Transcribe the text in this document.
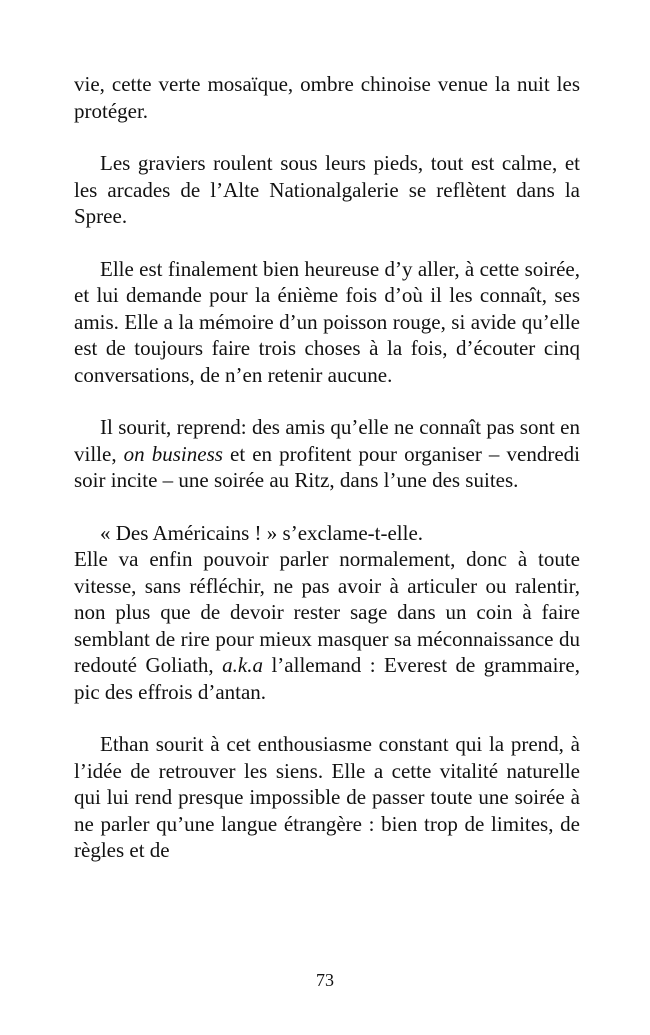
vie, cette verte mosaïque, ombre chinoise venue la nuit les protéger.

Les graviers roulent sous leurs pieds, tout est calme, et les arcades de l’Alte Nationalgalerie se reflètent dans la Spree.

Elle est finalement bien heureuse d’y aller, à cette soirée, et lui demande pour la énième fois d’où il les connaît, ses amis. Elle a la mémoire d’un poisson rouge, si avide qu’elle est de toujours faire trois choses à la fois, d’écouter cinq conversations, de n’en retenir aucune.

Il sourit, reprend: des amis qu’elle ne connaît pas sont en ville, on business et en profitent pour organiser – vendredi soir incite – une soirée au Ritz, dans l’une des suites.

« Des Américains ! » s’exclame-t-elle.

Elle va enfin pouvoir parler normalement, donc à toute vitesse, sans réfléchir, ne pas avoir à articuler ou ralentir, non plus que de devoir rester sage dans un coin à faire semblant de rire pour mieux masquer sa méconnaissance du redouté Goliath, a.k.a l’allemand : Everest de grammaire, pic des effrois d’antan.

Ethan sourit à cet enthousiasme constant qui la prend, à l’idée de retrouver les siens. Elle a cette vitalité naturelle qui lui rend presque impossible de passer toute une soirée à ne parler qu’une langue étrangère : bien trop de limites, de règles et de

73
